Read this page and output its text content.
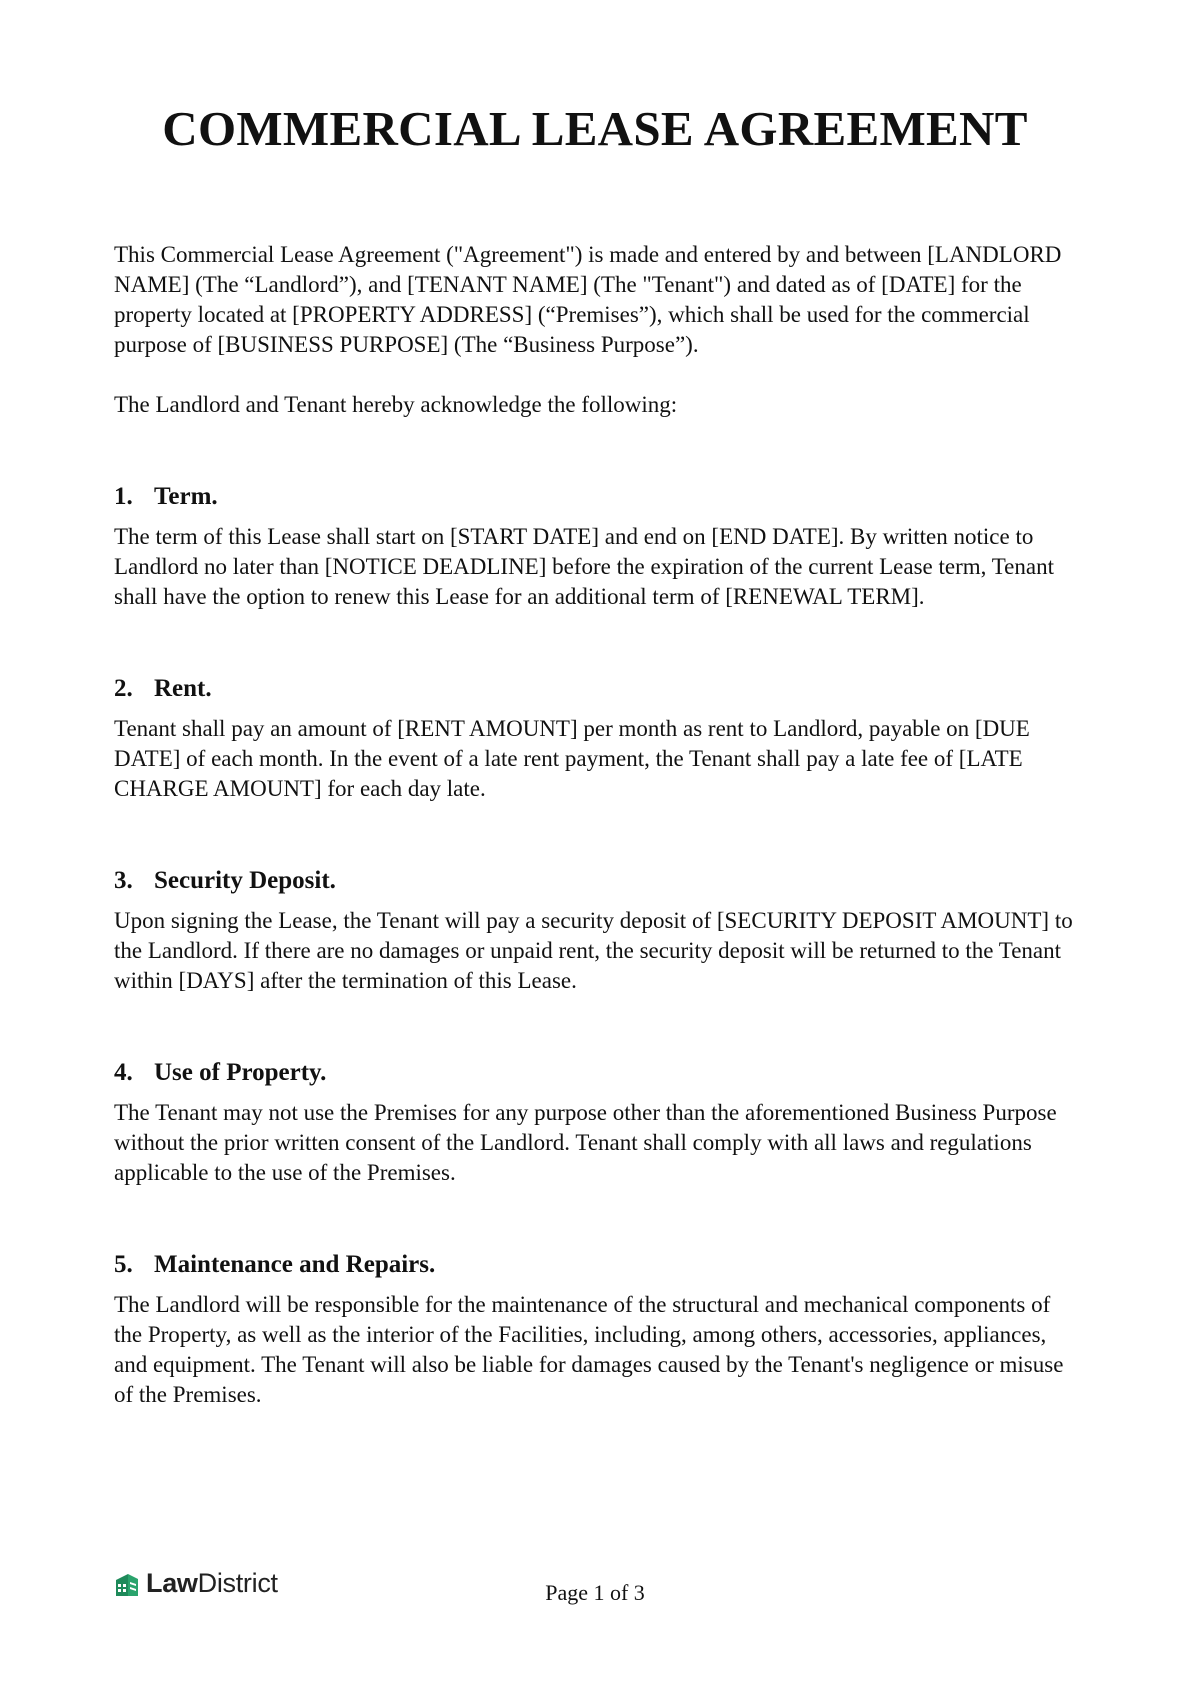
COMMERCIAL LEASE AGREEMENT

This Commercial Lease Agreement ("Agreement") is made and entered by and between [LANDLORD NAME] (The “Landlord”), and [TENANT NAME] (The "Tenant") and dated as of [DATE] for the property located at [PROPERTY ADDRESS] (“Premises”), which shall be used for the commercial purpose of [BUSINESS PURPOSE] (The “Business Purpose”).

The Landlord and Tenant hereby acknowledge the following:

1. Term.

The term of this Lease shall start on [START DATE] and end on [END DATE]. By written notice to Landlord no later than [NOTICE DEADLINE] before the expiration of the current Lease term, Tenant shall have the option to renew this Lease for an additional term of [RENEWAL TERM].

2. Rent.

Tenant shall pay an amount of [RENT AMOUNT] per month as rent to Landlord, payable on [DUE DATE] of each month. In the event of a late rent payment, the Tenant shall pay a late fee of [LATE CHARGE AMOUNT] for each day late.

3. Security Deposit.

Upon signing the Lease, the Tenant will pay a security deposit of [SECURITY DEPOSIT AMOUNT] to the Landlord. If there are no damages or unpaid rent, the security deposit will be returned to the Tenant within [DAYS] after the termination of this Lease.

4. Use of Property.

The Tenant may not use the Premises for any purpose other than the aforementioned Business Purpose without the prior written consent of the Landlord. Tenant shall comply with all laws and regulations applicable to the use of the Premises.

5. Maintenance and Repairs.

The Landlord will be responsible for the maintenance of the structural and mechanical components of the Property, as well as the interior of the Facilities, including, among others, accessories, appliances, and equipment. The Tenant will also be liable for damages caused by the Tenant's negligence or misuse of the Premises.

LawDistrict	Page 1 of 3
